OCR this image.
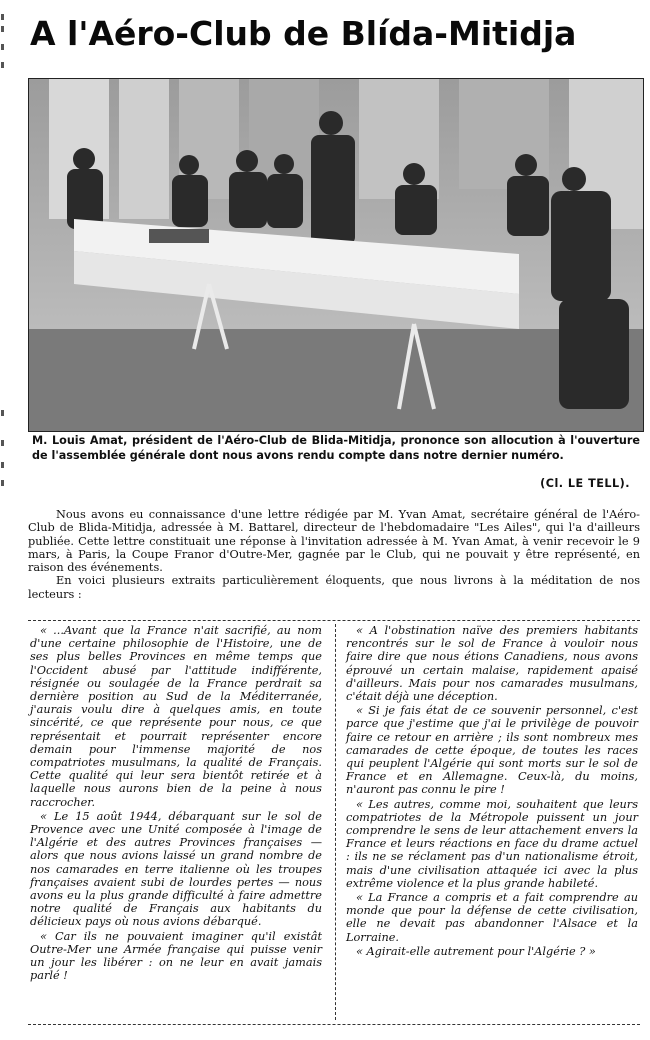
A l'Aéro-Club de Blída-Mitidja
M. Louis Amat, président de l'Aéro-Club de Blida-Mitidja, prononce son allocution à l'ouverture de l'assemblée générale dont nous avons rendu compte dans notre dernier numéro.
(Cl. LE TELL).

Nous avons eu connaissance d'une lettre rédigée par M. Yvan Amat, secrétaire général de l'Aéro-Club de Blida-Mitidja, adressée à M. Battarel, directeur de l'hebdomadaire "Les Ailes", qui l'a d'ailleurs publiée. Cette lettre constituait une réponse à l'invitation adressée à M. Yvan Amat, à venir recevoir le 9 mars, à Paris, la Coupe Franor d'Outre-Mer, gagnée par le Club, qui ne pouvait y être représenté, en raison des événements.

En voici plusieurs extraits particulièrement éloquents, que nous livrons à la méditation de nos lecteurs :

« ...Avant que la France n'ait sacrifié, au nom d'une certaine philosophie de l'Histoire, une de ses plus belles Provinces en même temps que l'Occident abusé par l'attitude indifférente, résignée ou soulagée de la France perdrait sa dernière position au Sud de la Méditerranée, j'aurais voulu dire à quelques amis, en toute sincérité, ce que représente pour nous, ce que représentait et pourrait représenter encore demain pour l'immense majorité de nos compatriotes musulmans, la qualité de Français. Cette qualité qui leur sera bientôt retirée et à laquelle nous aurons bien de la peine à nous raccrocher.

« Le 15 août 1944, débarquant sur le sol de Provence avec une Unité composée à l'image de l'Algérie et des autres Provinces françaises — alors que nous avions laissé un grand nombre de nos camarades en terre italienne où les troupes françaises avaient subi de lourdes pertes — nous avons eu la plus grande difficulté à faire admettre notre qualité de Français aux habitants du délicieux pays où nous avions débarqué.

« Car ils ne pouvaient imaginer qu'il existât Outre-Mer une Armée française qui puisse venir un jour les libérer : on ne leur en avait jamais parlé !

« A l'obstination naïve des premiers habitants rencontrés sur le sol de France à vouloir nous faire dire que nous étions Canadiens, nous avons éprouvé un certain malaise, rapidement apaisé d'ailleurs. Mais pour nos camarades musulmans, c'était déjà une déception.

« Si je fais état de ce souvenir personnel, c'est parce que j'estime que j'ai le privilège de pouvoir faire ce retour en arrière ; ils sont nombreux mes camarades de cette époque, de toutes les races qui peuplent l'Algérie qui sont morts sur le sol de France et en Allemagne. Ceux-là, du moins, n'auront pas connu le pire !

« Les autres, comme moi, souhaitent que leurs compatriotes de la Métropole puissent un jour comprendre le sens de leur attachement envers la France et leurs réactions en face du drame actuel : ils ne se réclament pas d'un nationalisme étroit, mais d'une civilisation attaquée ici avec la plus extrême violence et la plus grande habileté.

« La France a compris et a fait comprendre au monde que pour la défense de cette civilisation, elle ne devait pas abandonner l'Alsace et la Lorraine.

« Agirait-elle autrement pour l'Algérie ? »
